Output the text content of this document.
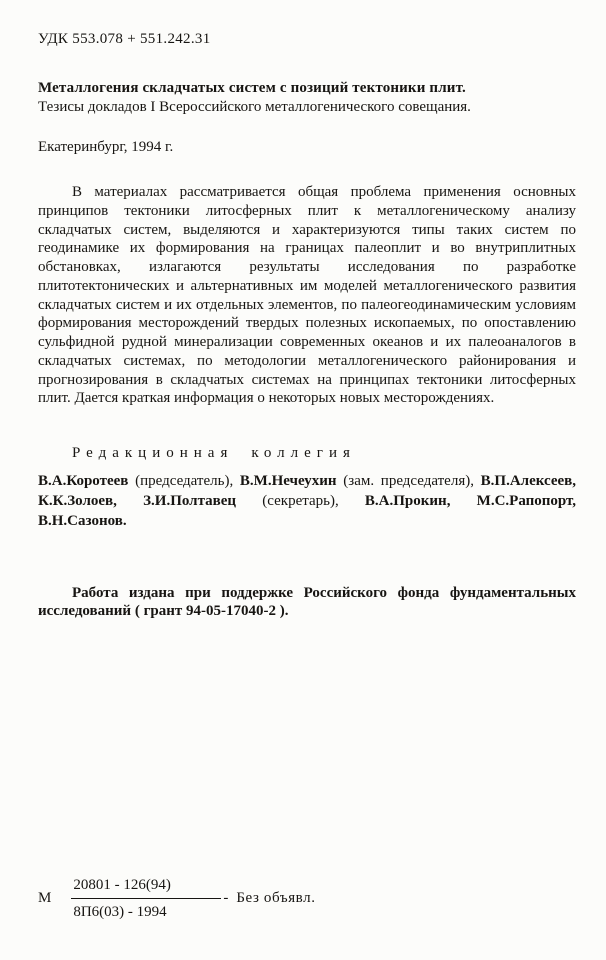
УДК 553.078 + 551.242.31
Металлогения складчатых систем с позиций тектоники плит.
Тезисы докладов I Всероссийского металлогенического совещания.
Екатеринбург, 1994 г.

В материалах рассматривается общая проблема применения основных принципов тектоники литосферных плит к металлогеническому анализу складчатых систем, выделяются и характеризуются типы таких систем по геодинамике их формирования на границах палеоплит и во внутриплитных обстановках, излагаются результаты исследования по разработке плитотектонических и альтернативных им моделей металлогенического развития складчатых систем и их отдельных элементов, по палеогеодинамическим условиям формирования месторождений твердых полезных ископаемых, по опоставлению сульфидной рудной минерализации современных океанов и их палеоаналогов в складчатых системах, по методологии металлогенического районирования и прогнозирования в складчатых системах на принципах тектоники литосферных плит. Дается краткая информация о некоторых новых месторождениях.

Редакционная коллегия

В.А.Коротеев (председатель), В.М.Нечеухин (зам. председателя), В.П.Алексеев, К.К.Золоев, З.И.Полтавец (секретарь), В.А.Прокин, М.С.Рапопорт, В.Н.Сазонов.

Работа издана при поддержке Российского фонда фундаментальных исследований ( грант 94-05-17040-2 ).

М $\frac{20801 - 126(94)}{8П6(03) - 1994}$ - Без объявл.
